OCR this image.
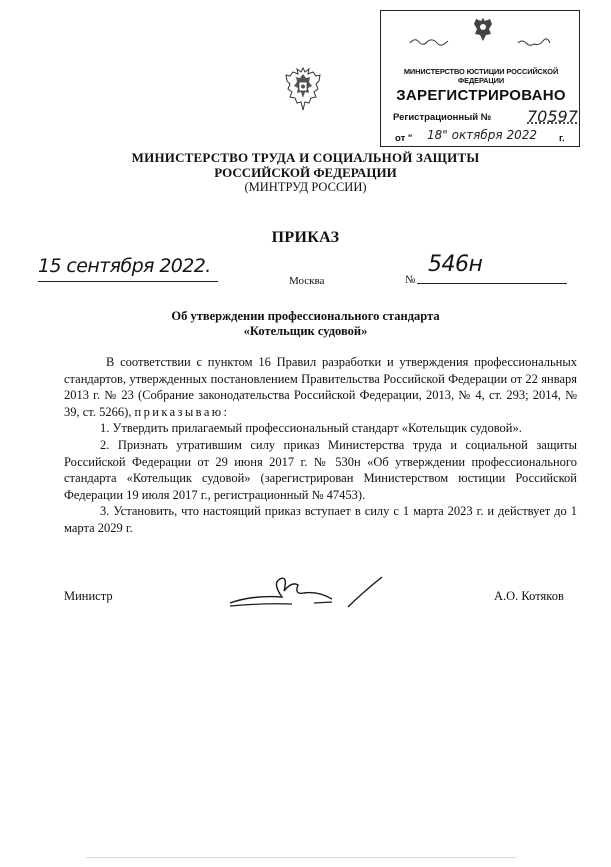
МИНИСТЕРСТВО ЮСТИЦИИ РОССИЙСКОЙ ФЕДЕРАЦИИ
ЗАРЕГИСТРИРОВАНО
Регистрационный № 70597
от " 18" октября 2022 г.
МИНИСТЕРСТВО ТРУДА И СОЦИАЛЬНОЙ ЗАЩИТЫ
РОССИЙСКОЙ ФЕДЕРАЦИИ
(МИНТРУД РОССИИ)
ПРИКАЗ
15 сентября 2022.
Москва	№
546н
Об утверждении профессионального стандарта
«Котельщик судовой»

В соответствии с пунктом 16 Правил разработки и утверждения профессиональных стандартов, утвержденных постановлением Правительства Российской Федерации от 22 января 2013 г. № 23 (Собрание законодательства Российской Федерации, 2013, № 4, ст. 293; 2014, № 39, ст. 5266), приказываю:

1. Утвердить прилагаемый профессиональный стандарт «Котельщик судовой».

2. Признать утратившим силу приказ Министерства труда и социальной защиты Российской Федерации от 29 июня 2017 г. № 530н «Об утверждении профессионального стандарта «Котельщик судовой» (зарегистрирован Министерством юстиции Российской Федерации 19 июля 2017 г., регистрационный № 47453).

3. Установить, что настоящий приказ вступает в силу с 1 марта 2023 г. и действует до 1 марта 2029 г.

Министр	А.О. Котяков
